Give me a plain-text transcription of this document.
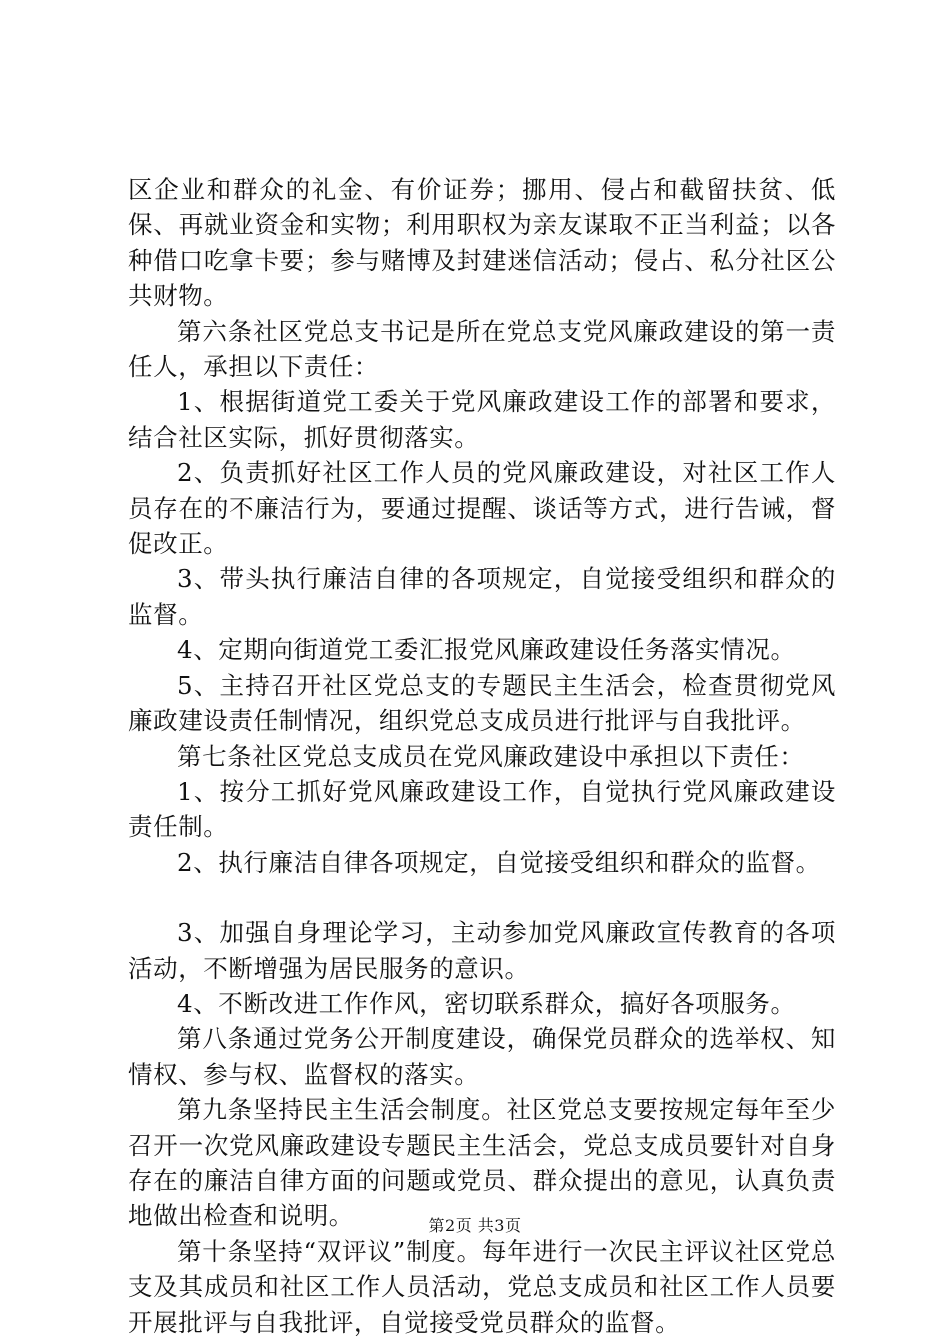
区企业和群众的礼金、有价证券；挪用、侵占和截留扶贫、低保、再就业资金和实物；利用职权为亲友谋取不正当利益；以各种借口吃拿卡要；参与赌博及封建迷信活动；侵占、私分社区公共财物。

第六条社区党总支书记是所在党总支党风廉政建设的第一责任人，承担以下责任：

1、根据街道党工委关于党风廉政建设工作的部署和要求，结合社区实际，抓好贯彻落实。

2、负责抓好社区工作人员的党风廉政建设，对社区工作人员存在的不廉洁行为，要通过提醒、谈话等方式，进行告诫，督促改正。

3、带头执行廉洁自律的各项规定，自觉接受组织和群众的监督。

4、定期向街道党工委汇报党风廉政建设任务落实情况。

5、主持召开社区党总支的专题民主生活会，检查贯彻党风廉政建设责任制情况，组织党总支成员进行批评与自我批评。

第七条社区党总支成员在党风廉政建设中承担以下责任：

1、按分工抓好党风廉政建设工作，自觉执行党风廉政建设责任制。

2、执行廉洁自律各项规定，自觉接受组织和群众的监督。

3、加强自身理论学习，主动参加党风廉政宣传教育的各项活动，不断增强为居民服务的意识。

4、不断改进工作作风，密切联系群众，搞好各项服务。

第八条通过党务公开制度建设，确保党员群众的选举权、知情权、参与权、监督权的落实。

第九条坚持民主生活会制度。社区党总支要按规定每年至少召开一次党风廉政建设专题民主生活会，党总支成员要针对自身存在的廉洁自律方面的问题或党员、群众提出的意见，认真负责地做出检查和说明。

第十条坚持“双评议”制度。每年进行一次民主评议社区党总支及其成员和社区工作人员活动，党总支成员和社区工作人员要开展批评与自我批评，自觉接受党员群众的监督。

第2页 共3页
